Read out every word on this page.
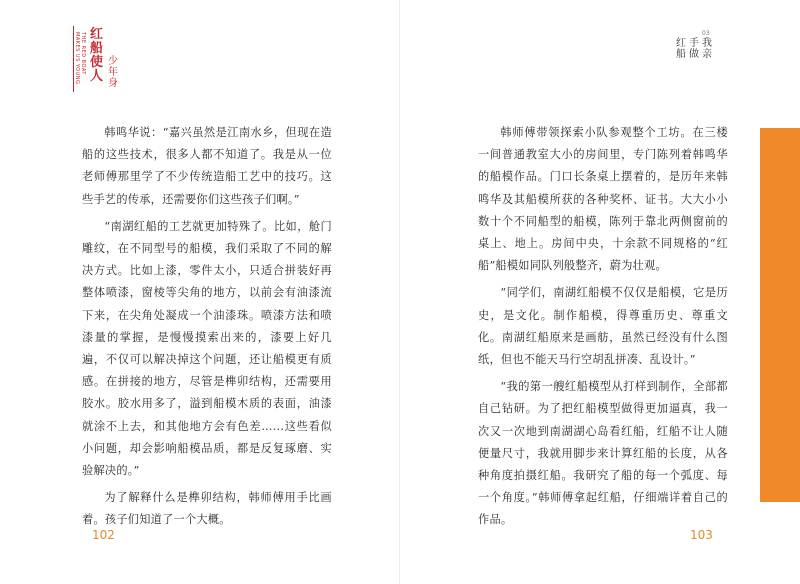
THE RED BOAT MAKES US YOUNG 红船使人
少年身

韩鸣华说：“嘉兴虽然是江南水乡，但现在造船的这些技术，很多人都不知道了。我是从一位老师傅那里学了不少传统造船工艺中的技巧。这些手艺的传承，还需要你们这些孩子们啊。”

“南湖红船的工艺就更加特殊了。比如，舱门雕纹，在不同型号的船模，我们采取了不同的解决方式。比如上漆，零件太小，只适合拼装好再整体喷漆，窗棱等尖角的地方，以前会有油漆流下来，在尖角处凝成一个油漆珠。喷漆方法和喷漆量的掌握，是慢慢摸索出来的，漆要上好几遍，不仅可以解决掉这个问题，还让船模更有质感。在拼接的地方，尽管是榫卯结构，还需要用胶水。胶水用多了，溢到船模木质的表面，油漆就涂不上去，和其他地方会有色差……这些看似小问题，却会影响船模品质，都是反复琢磨、实验解决的。”

为了解释什么是榫卯结构，韩师傅用手比画着。孩子们知道了一个大概。

102
03
我亲
手做
红船

韩师傅带领探索小队参观整个工坊。在三楼一间普通教室大小的房间里，专门陈列着韩鸣华的船模作品。门口长条桌上摆着的，是历年来韩鸣华及其船模所获的各种奖杯、证书。大大小小数十个不同船型的船模，陈列于靠北两侧窗前的桌上、地上。房间中央，十余款不同规格的“红船”船模如同队列般整齐，蔚为壮观。

“同学们，南湖红船模不仅仅是船模，它是历史，是文化。制作船模，得尊重历史、尊重文化。南湖红船原来是画舫，虽然已经没有什么图纸，但也不能天马行空胡乱拼凑、乱设计。”

“我的第一艘红船模型从打样到制作，全部都自己钻研。为了把红船模型做得更加逼真，我一次又一次地到南湖湖心岛看红船，红船不让人随便量尺寸，我就用脚步来计算红船的长度，从各种角度拍摄红船。我研究了船的每一个弧度、每一个角度。”韩师傅拿起红船，仔细端详着自己的作品。

103
